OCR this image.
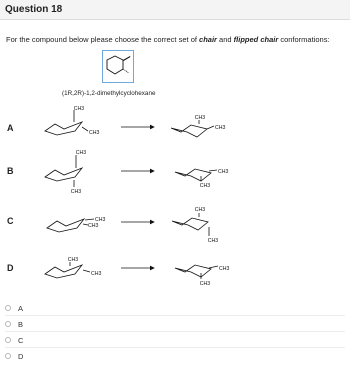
Question 18
For the compound below please choose the correct set of chair and flipped chair conformations:
(1R,2R)-1,2-dimethylcyclohexane
A
B
C
D
CH3
CH3
CH3
CH3
CH3
CH3
CH3
CH3
CH3
CH3
CH3
CH3
CH3
CH3
CH3
CH3
A
B
C
D
